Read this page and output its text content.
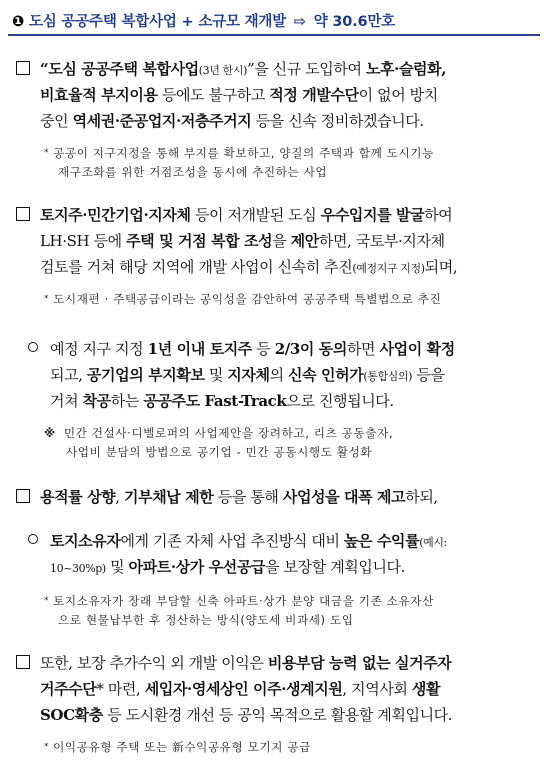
❶ 도심 공공주택 복합사업 + 소규모 재개발 ⇨ 약 30.6만호
“도심 공공주택 복합사업(3년 한시)”을 신규 도입하여 노후·슬럼화,
비효율적 부지이용 등에도 불구하고 적정 개발수단이 없어 방치
중인 역세권·준공업지·저층주거지 등을 신속 정비하겠습니다.
* 공공이 지구지정을 통해 부지를 확보하고, 양질의 주택과 함께 도시기능
재구조화를 위한 거점조성을 동시에 추진하는 사업
토지주·민간기업·지자체 등이 저개발된 도심 우수입지를 발굴하여
LH·SH 등에 주택 및 거점 복합 조성을 제안하면, 국토부·지자체
검토를 거쳐 해당 지역에 개발 사업이 신속히 추진(예정지구 지정)되며,
* 도시재편 · 주택공급이라는 공익성을 감안하여 공공주택 특별법으로 추진
예정 지구 지정 1년 이내 토지주 등 2/3이 동의하면 사업이 확정
되고, 공기업의 부지확보 및 지자체의 신속 인허가(통합심의) 등을
거쳐 착공하는 공공주도 Fast-Track으로 진행됩니다.
※ 민간 건설사·디벨로퍼의 사업제안을 장려하고, 리츠 공동출자,
사업비 분담의 방법으로 공기업 - 민간 공동시행도 활성화
용적률 상향, 기부채납 제한 등을 통해 사업성을 대폭 제고하되,
토지소유자에게 기존 자체 사업 추진방식 대비 높은 수익률(예시:
10~30%p) 및 아파트·상가 우선공급을 보장할 계획입니다.
* 토지소유자가 장래 부담할 신축 아파트·상가 분양 대금을 기존 소유자산
으로 현물납부한 후 정산하는 방식(양도세 비과세) 도입
또한, 보장 추가수익 외 개발 이익은 비용부담 능력 없는 실거주자
거주수단* 마련, 세입자·영세상인 이주·생계지원, 지역사회 생활
SOC확충 등 도시환경 개선 등 공익 목적으로 활용할 계획입니다.
* 이익공유형 주택 또는 新수익공유형 모기지 공급
